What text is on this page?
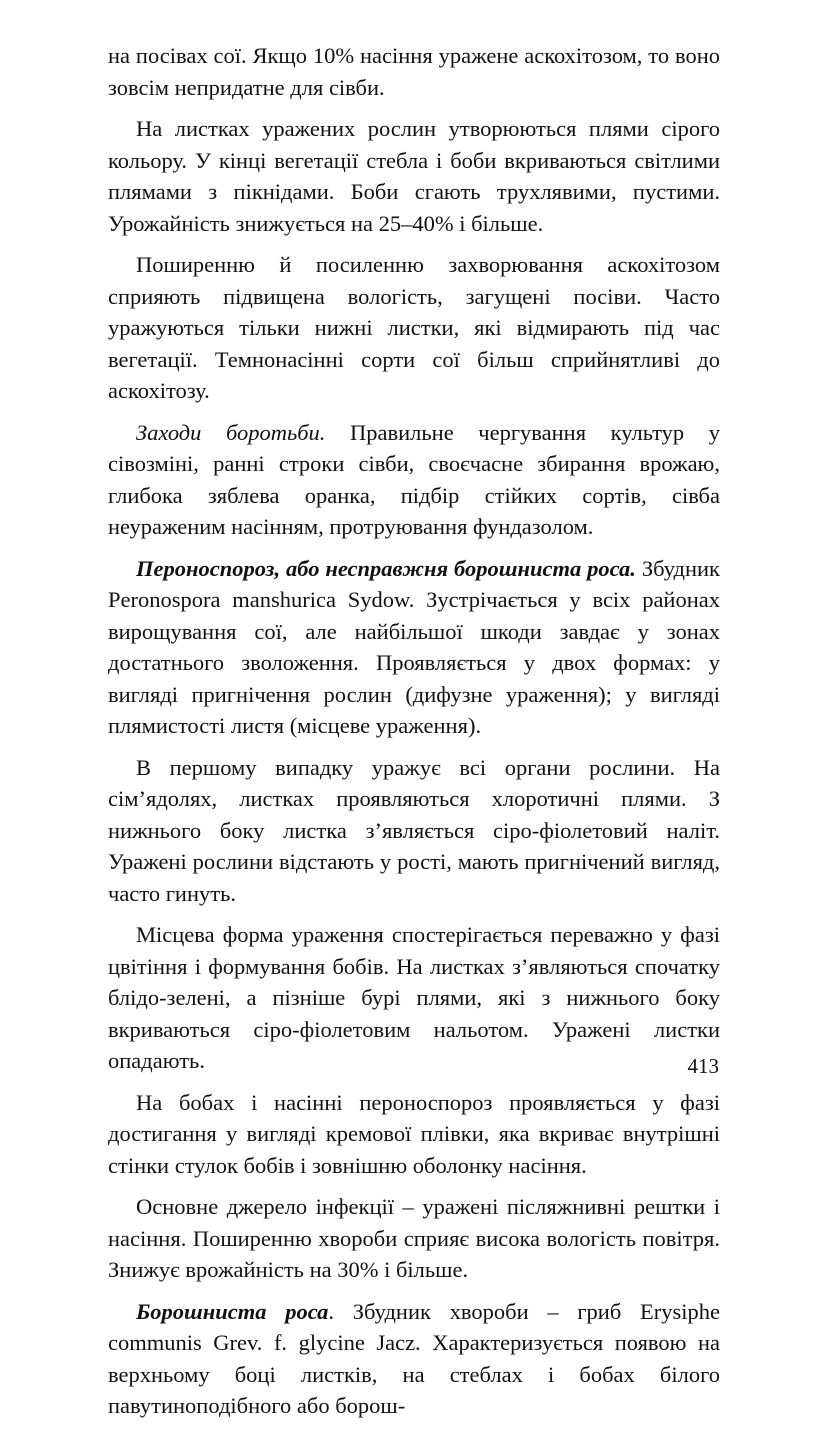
на посівах сої. Якщо 10% насіння уражене аскохітозом, то воно зовсім непридатне для сівби.

На листках уражених рослин утворюються плями сірого кольору. У кінці вегетації стебла і боби вкриваються світлими плямами з пікнідами. Боби сгають трухлявими, пустими. Урожайність знижується на 25–40% і більше.

Поширенню й посиленню захворювання аскохітозом сприяють підвищена вологість, загущені посіви. Часто уражуються тільки нижні листки, які відмирають під час вегетації. Темнонасінні сорти сої більш сприйнятливі до аскохітозу.

Заходи боротьби. Правильне чергування культур у сівозміні, ранні строки сівби, своєчасне збирання врожаю, глибока зяблева оранка, підбір стійких сортів, сівба неураженим насінням, протруювання фундазолом.

Пероноспороз, або несправжня борошниста роса. Збудник Peronospora manshurica Sydow. Зустрічається у всіх районах вирощування сої, але найбільшої шкоди завдає у зонах достатнього зволоження. Проявляється у двох формах: у вигляді пригнічення рослин (дифузне ураження); у вигляді плямистості листя (місцеве ураження).

В першому випадку уражує всі органи рослини. На сім’ядолях, листках проявляються хлоротичні плями. З нижнього боку листка з’являється сіро-фіолетовий наліт. Уражені рослини відстають у рості, мають пригнічений вигляд, часто гинуть.

Місцева форма ураження спостерігається переважно у фазі цвітіння і формування бобів. На листках з’являються спочатку блідо-зелені, а пізніше бурі плями, які з нижнього боку вкриваються сіро-фіолетовим нальотом. Уражені листки опадають.

На бобах і насінні пероноспороз проявляється у фазі достигання у вигляді кремової плівки, яка вкриває внутрішні стінки стулок бобів і зовнішню оболонку насіння.

Основне джерело інфекції – уражені післяжнивні рештки і насіння. Поширенню хвороби сприяє висока вологість повітря. Знижує врожайність на 30% і більше.

Борошниста роса. Збудник хвороби – гриб Erysiphe communis Grev. f. glycine Jacz. Характеризується появою на верхньому боці листків, на стеблах і бобах білого павутиноподібного або борош-

413
